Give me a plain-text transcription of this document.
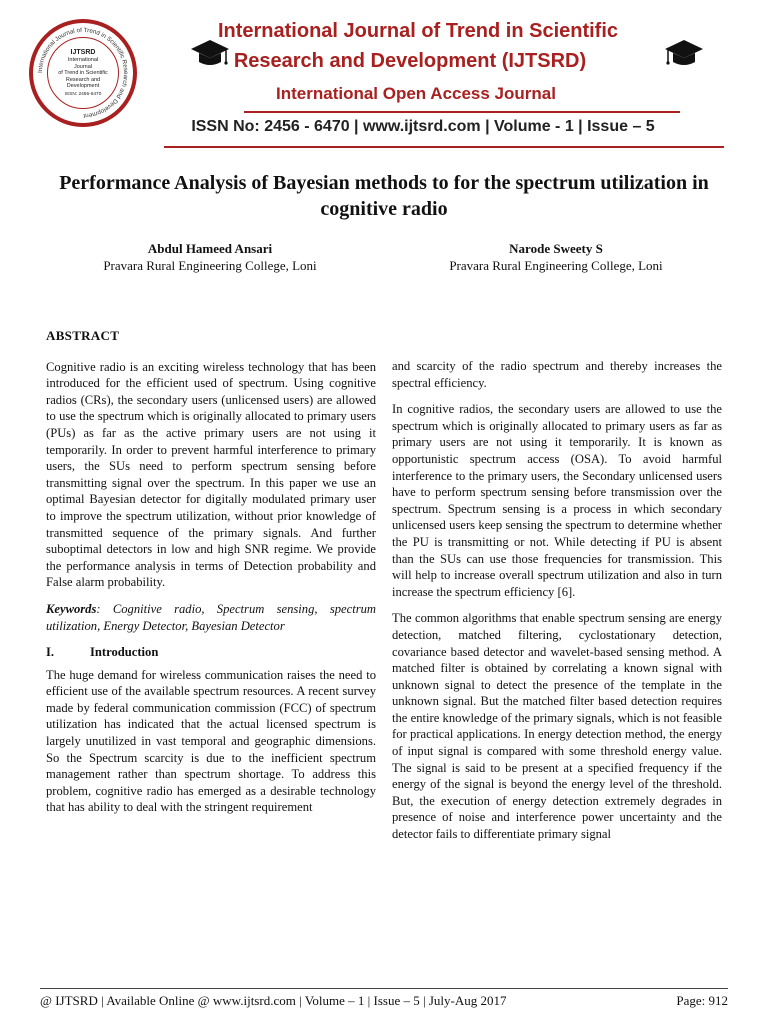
International Journal of Trend in Scientific Research and Development
IJTSRD
International
Journal
of Trend in Scientific
Research and
Development
ISSN: 2456-6470
International Journal of Trend in Scientific
Research and Development (IJTSRD)
International Open Access Journal
ISSN No: 2456 - 6470 | www.ijtsrd.com | Volume - 1 | Issue – 5
Performance Analysis of Bayesian methods to for the spectrum utilization in cognitive radio
Abdul Hameed Ansari
Pravara Rural Engineering College, Loni
Narode Sweety S
Pravara Rural Engineering College, Loni
ABSTRACT

Cognitive radio is an exciting wireless technology that has been introduced for the efficient used of spectrum. Using cognitive radios (CRs), the secondary users (unlicensed users) are allowed to use the spectrum which is originally allocated to primary users (PUs) as far as the active primary users are not using it temporarily. In order to prevent harmful interference to primary users, the SUs need to perform spectrum sensing before transmitting signal over the spectrum. In this paper we use an optimal Bayesian detector for digitally modulated primary user to improve the spectrum utilization, without prior knowledge of transmitted sequence of the primary signals. And further suboptimal detectors in low and high SNR regime. We provide the performance analysis in terms of Detection probability and False alarm probability.

Keywords: Cognitive radio, Spectrum sensing, spectrum utilization, Energy Detector, Bayesian Detector

I.	Introduction

The huge demand for wireless communication raises the need to efficient use of the available spectrum resources. A recent survey made by federal communication commission (FCC) of spectrum utilization has indicated that the actual licensed spectrum is largely unutilized in vast temporal and geographic dimensions. So the Spectrum scarcity is due to the inefficient spectrum management rather than spectrum shortage. To address this problem, cognitive radio has emerged as a desirable technology that has ability to deal with the stringent requirement

and scarcity of the radio spectrum and thereby increases the spectral efficiency.

In cognitive radios, the secondary users are allowed to use the spectrum which is originally allocated to primary users as far as primary users are not using it temporarily. It is known as opportunistic spectrum access (OSA). To avoid harmful interference to the primary users, the Secondary unlicensed users have to perform spectrum sensing before transmission over the spectrum. Spectrum sensing is a process in which secondary unlicensed users keep sensing the spectrum to determine whether the PU is transmitting or not. While detecting if PU is absent than the SUs can use those frequencies for transmission. This will help to increase overall spectrum utilization and also in turn increase the spectrum efficiency [6].

The common algorithms that enable spectrum sensing are energy detection, matched filtering, cyclostationary detection, covariance based detector and wavelet-based sensing method. A matched filter is obtained by correlating a known signal with unknown signal to detect the presence of the template in the unknown signal. But the matched filter based detection requires the entire knowledge of the primary signals, which is not feasible for practical applications. In energy detection method, the energy of input signal is compared with some threshold energy value. The signal is said to be present at a specified frequency if the energy of the signal is beyond the energy level of the threshold. But, the execution of energy detection extremely degrades in presence of noise and interference power uncertainty and the detector fails to differentiate primary signal

@ IJTSRD | Available Online @ www.ijtsrd.com | Volume – 1 | Issue – 5 | July-Aug 2017	Page: 912
